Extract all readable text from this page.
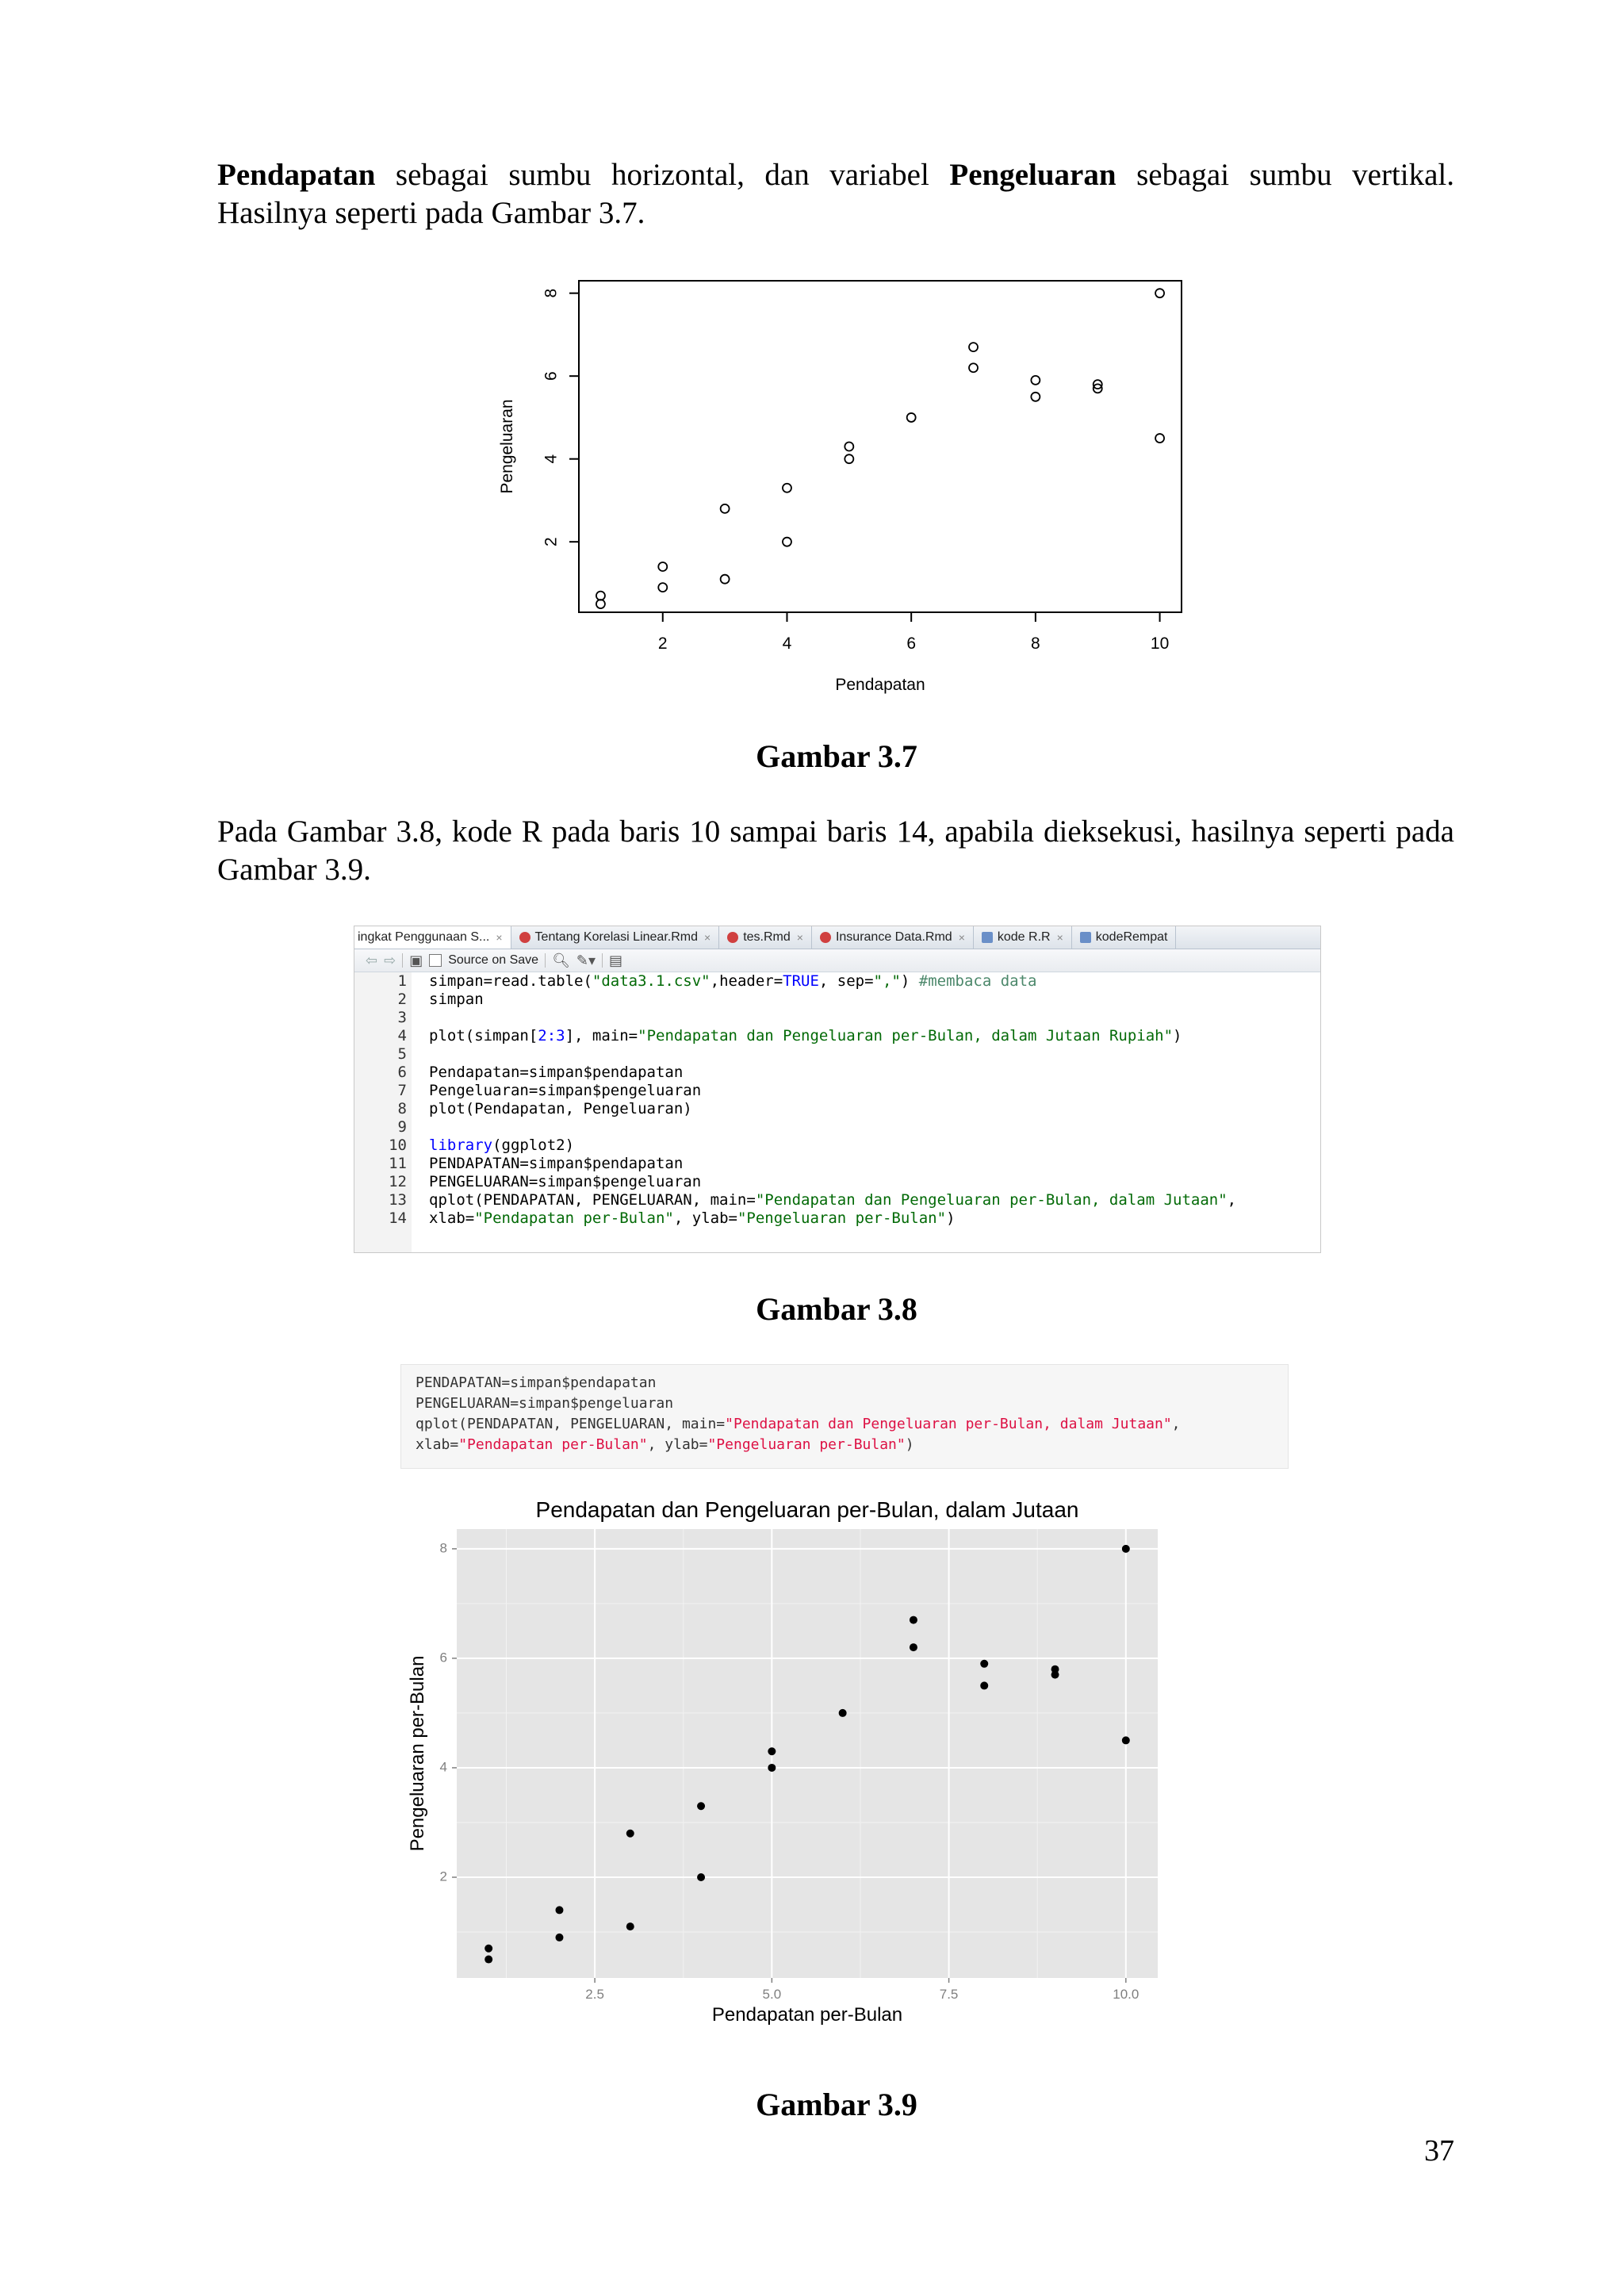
Pendapatan sebagai sumbu horizontal, dan variabel Pengeluaran sebagai sumbu vertikal. Hasilnya seperti pada Gambar 3.7.
2	4	6	8	10
2
4
6
8
Pendapatan
Pengeluaran
Gambar 3.7
Pada Gambar 3.8, kode R pada baris 10 sampai baris 14, apabila dieksekusi, hasilnya seperti pada Gambar 3.9.
ingkat Penggunaan S... ×	Tentang Korelasi Linear.Rmd ×	tes.Rmd ×	Insurance Data.Rmd ×	kode R.R ×	kodeRempat
⇦ ⇨ ▣ Source on Save 🔍︎ ✎▾ ▤
1 simpan=read.table("data3.1.csv",header=TRUE, sep=",") #membaca data
2 simpan
3
4 plot(simpan[2:3], main="Pendapatan dan Pengeluaran per-Bulan, dalam Jutaan Rupiah")
5
6 Pendapatan=simpan$pendapatan
7 Pengeluaran=simpan$pengeluaran
8 plot(Pendapatan, Pengeluaran)
9
10 library(ggplot2)
11 PENDAPATAN=simpan$pendapatan
12 PENGELUARAN=simpan$pengeluaran
13 qplot(PENDAPATAN, PENGELUARAN, main="Pendapatan dan Pengeluaran per-Bulan, dalam Jutaan",
14 xlab="Pendapatan per-Bulan", ylab="Pengeluaran per-Bulan")
Gambar 3.8
PENDAPATAN=simpan$pendapatan
PENGELUARAN=simpan$pengeluaran
qplot(PENDAPATAN, PENGELUARAN, main="Pendapatan dan Pengeluaran per-Bulan, dalam Jutaan",
xlab="Pendapatan per-Bulan", ylab="Pengeluaran per-Bulan")
Pendapatan dan Pengeluaran per-Bulan, dalam Jutaan
2.5	5.0	7.5	10.0
2
4
6
8
Pendapatan per-Bulan
Pengeluaran per-Bulan
Gambar 3.9
37
